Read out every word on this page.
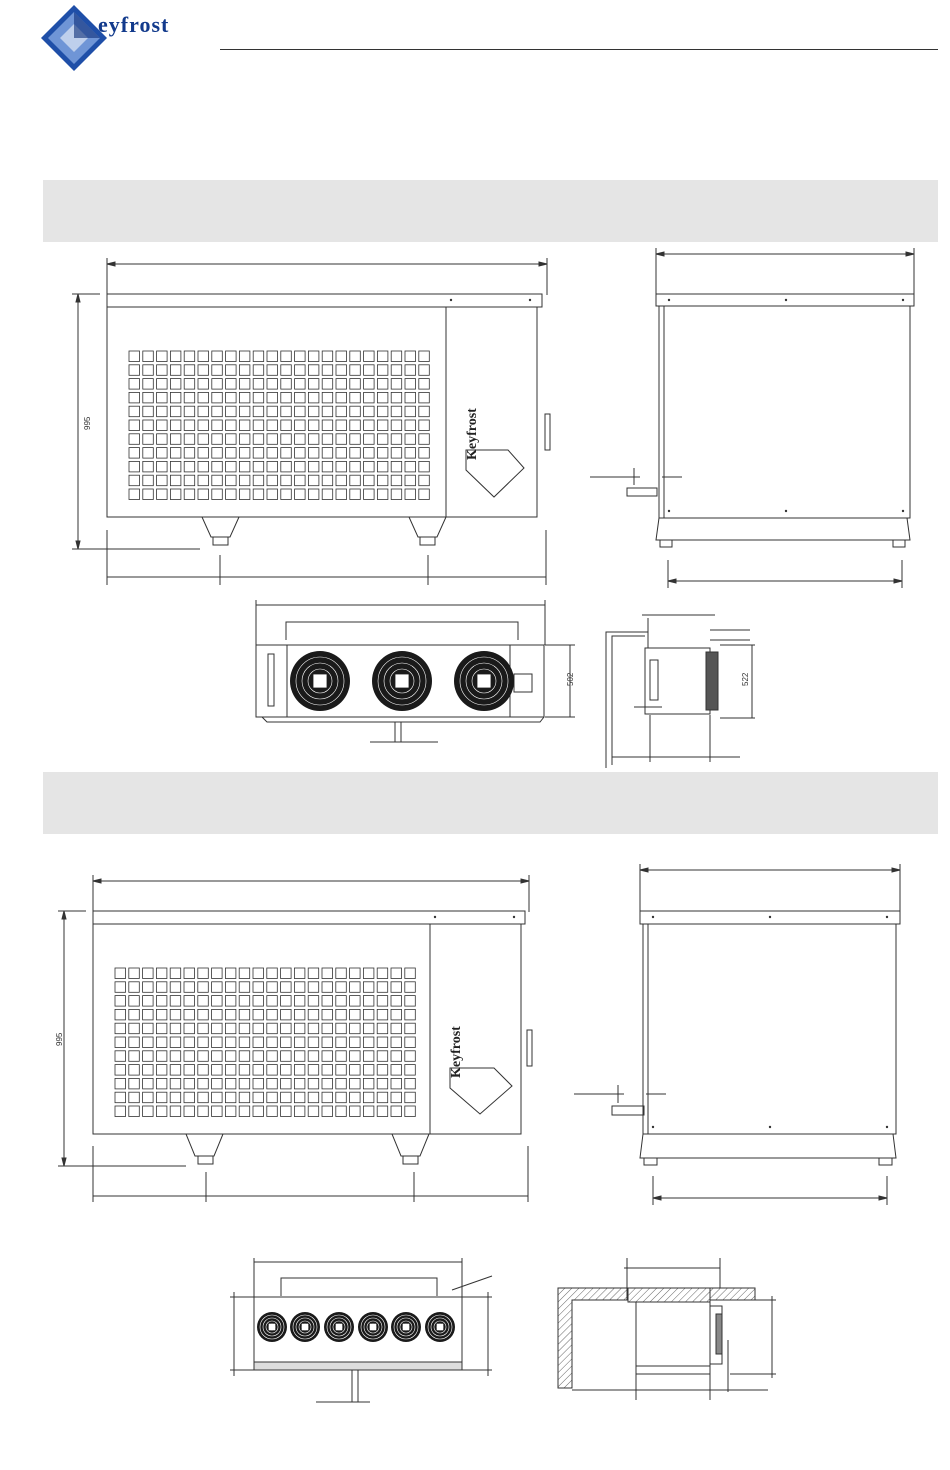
eyfrost
995	Keyfrost
502	522
995	Keyfrost
